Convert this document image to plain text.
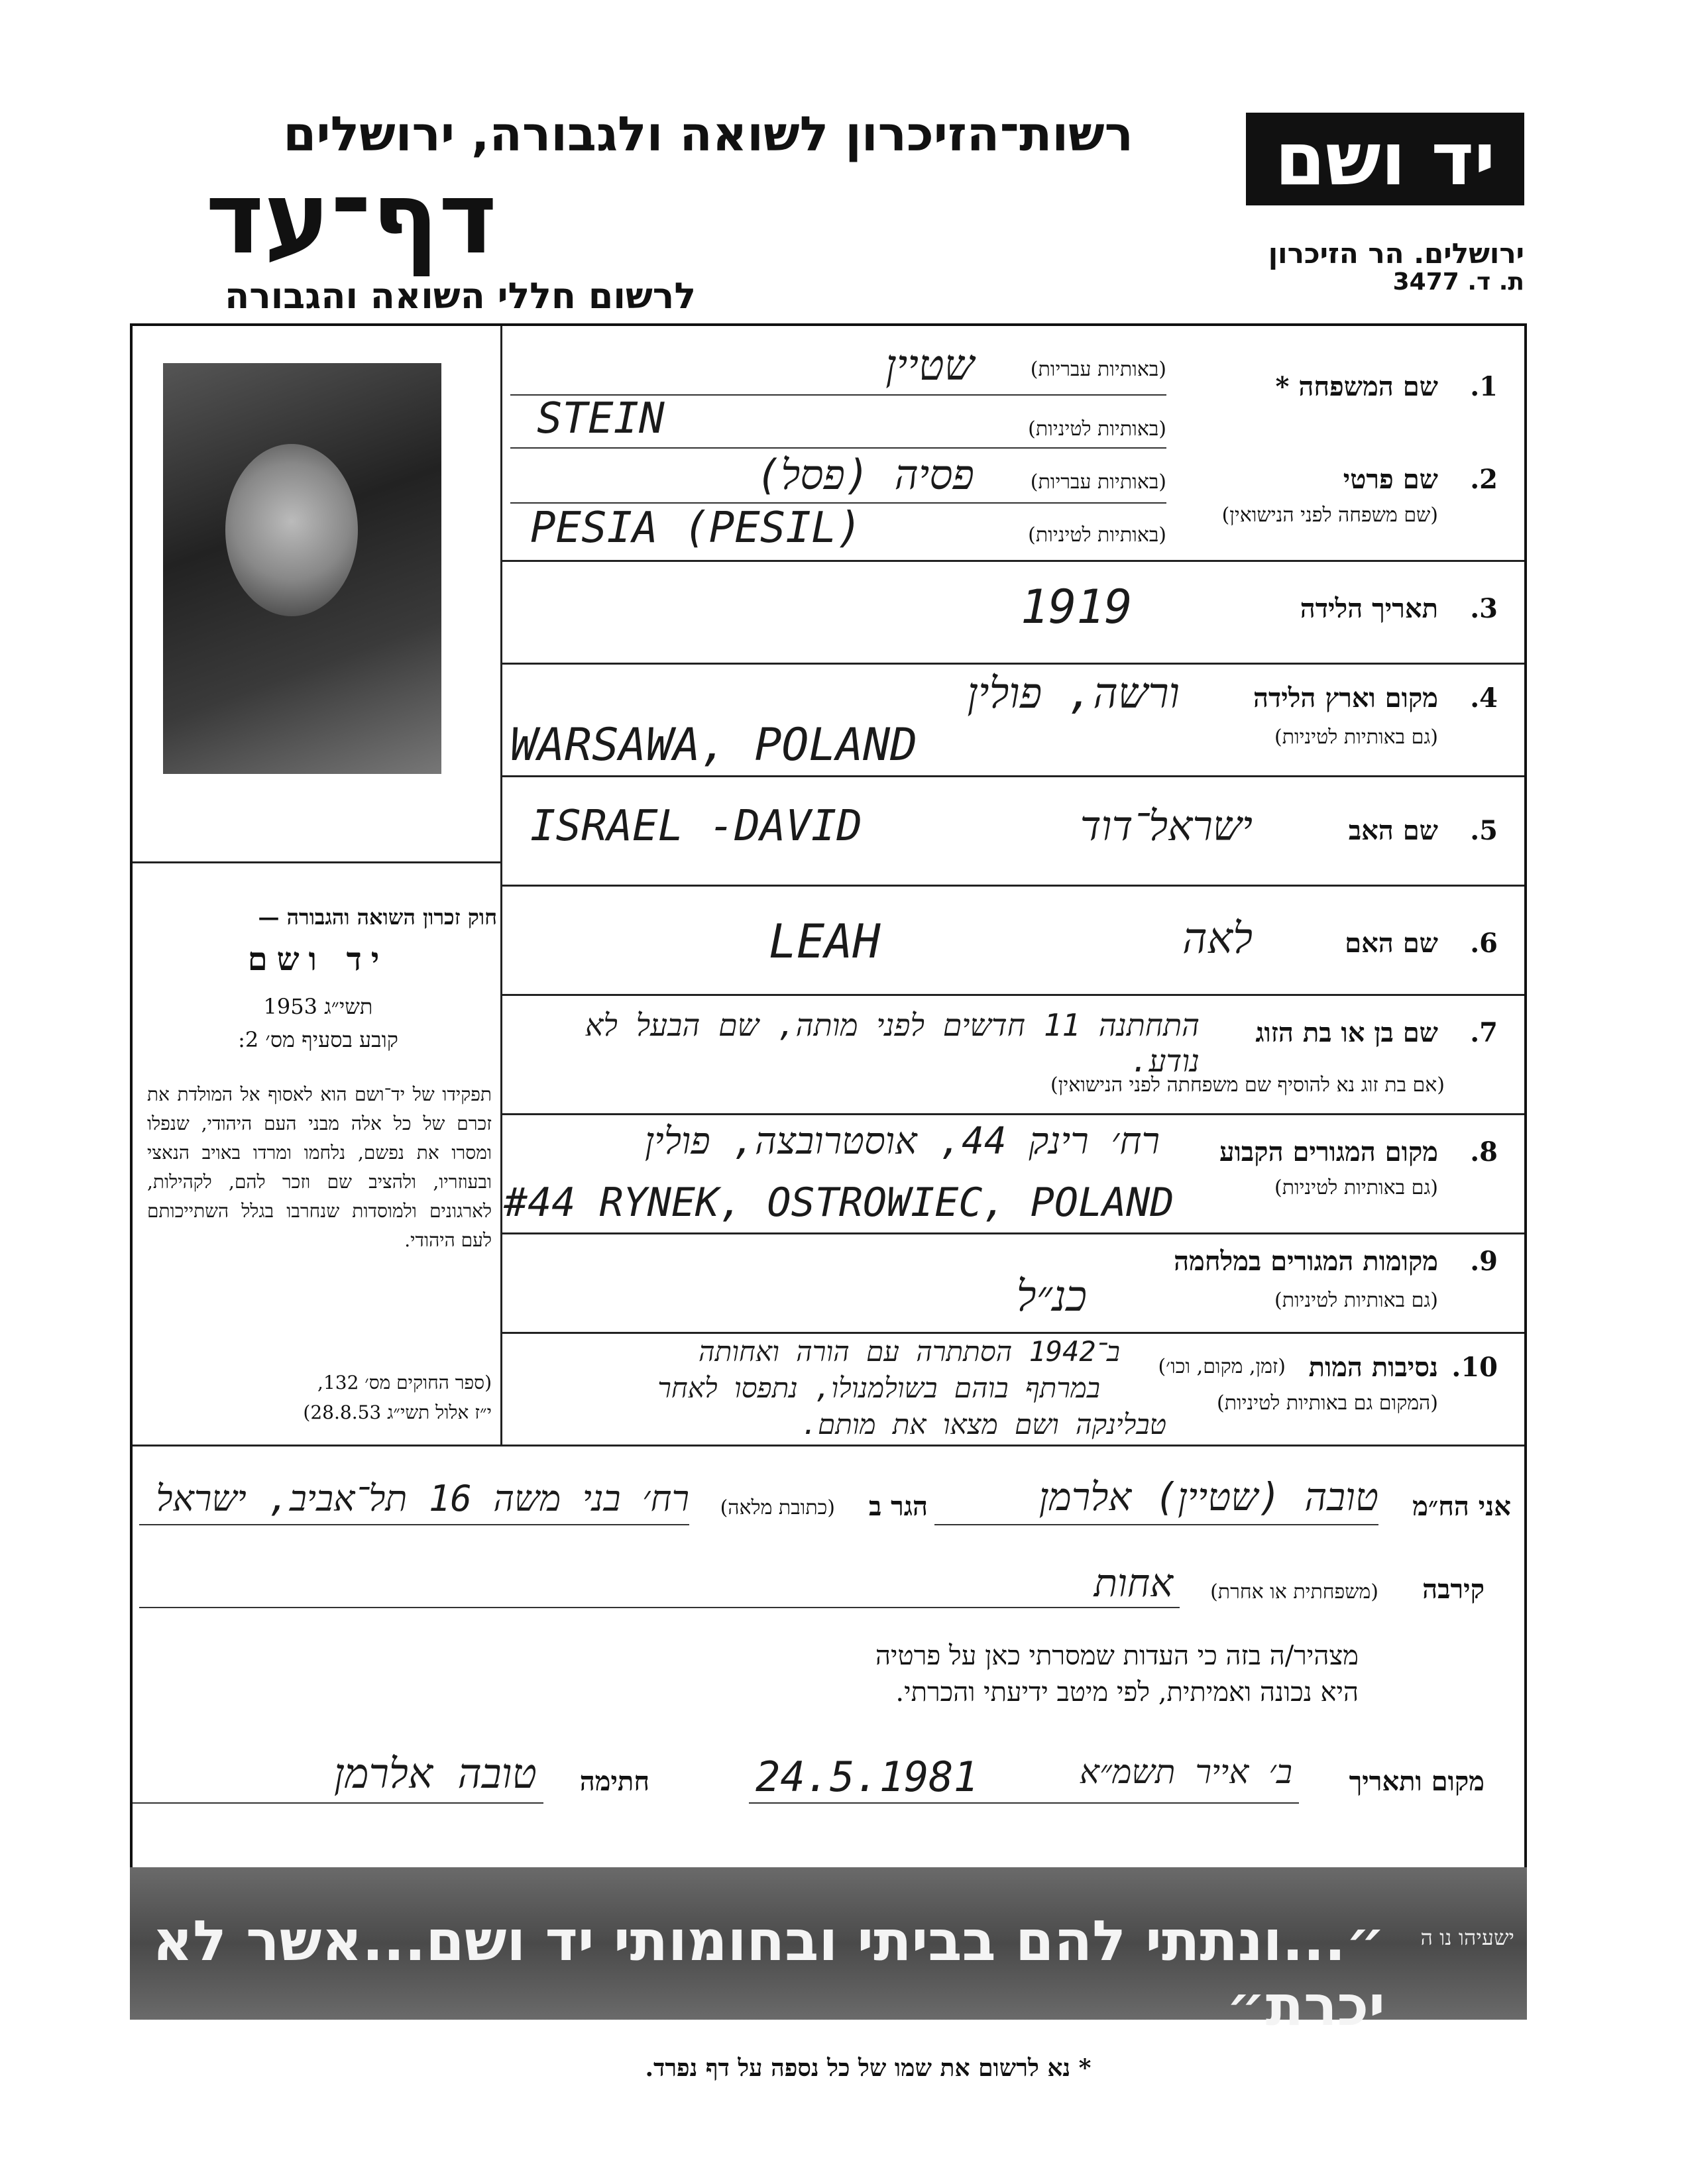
יד ושם
ירושלים. הר הזיכרון
ת. ד. 3477
רשות־הזיכרון לשואה ולגבורה, ירושלים
דף־עד
לרשום חללי השואה והגבורה
חוק זכרון השואה והגבורה —
יד ושם
תשי״ג 1953
קובע בסעיף מס׳ 2:
תפקידו של יד־ושם הוא לאסוף אל המולדת את זכרם של כל אלה מבני העם היהודי, שנפלו ומסרו את נפשם, נלחמו ומרדו באויב הנאצי ובעוזריו, ולהציב שם וזכר להם, לקהילות, לארגונים ולמוסדות שנחרבו בגלל השתייכותם לעם היהודי.
(ספר החוקים מס׳ 132,
י״ז אלול תשי״ג 28.8.53)
1.
שם המשפחה *
(באותיות עבריות)
שטיין
(באותיות לטיניות)
STEIN
2.
שם פרטי
(שם משפחה לפני הנישואין)
(באותיות עבריות)
פסיה (פסל)
(באותיות לטיניות)
PESIA (PESIL)
3.
תאריך הלידה
1919
4.
מקום וארץ הלידה
(גם באותיות לטיניות)
ורשה, פולין
WARSAWA, POLAND
5.
שם האב
ישראל־דוד
ISRAEL -DAVID
6.
שם האם
לאה
LEAH
7.
שם בן או בת הזוג
התחתנה 11 חדשים לפני מותה, שם הבעל לא נודע.
(אם בת זוג נא להוסיף שם משפחתה לפני הנישואין)
8.
מקום המגורים הקבוע
(גם באותיות לטיניות)
רח׳ רינק 44, אוסטרובצה, פולין
#44 RYNEK, OSTROWIEC, POLAND
9.
מקומות המגורים במלחמה
(גם באותיות לטיניות)
כנ״ל
10.
נסיבות המות
(זמן, מקום, וכו׳)
(המקום גם באותיות לטיניות)
ב־1942 הסתתרה עם הורה ואחותה
במרתף בוהם בשולמנולו, נתפסו לאחר
טבלינקה ושם מצאו את מותם.
אני הח״מ
טובה (שטיין) אלרמן
הגר ב
(כתובת מלאה)
רח׳ בני משה 16 תל־אביב, ישראל
קירבה
(משפחתית או אחרת)
אחות
מצהיר/ה בזה כי העדות שמסרתי כאן על פרטיה
היא נכונה ואמיתית, לפי מיטב ידיעתי והכרתי.
מקום ותאריך
ב׳ אייר תשמ״א
24.5.1981
חתימה
טובה אלרמן
״...ונתתי להם בביתי ובחומותי יד ושם...אשר לא יכרת״
ישעיהו נו ה
* נא לרשום את שמו של כל נספה על דף נפרד.
